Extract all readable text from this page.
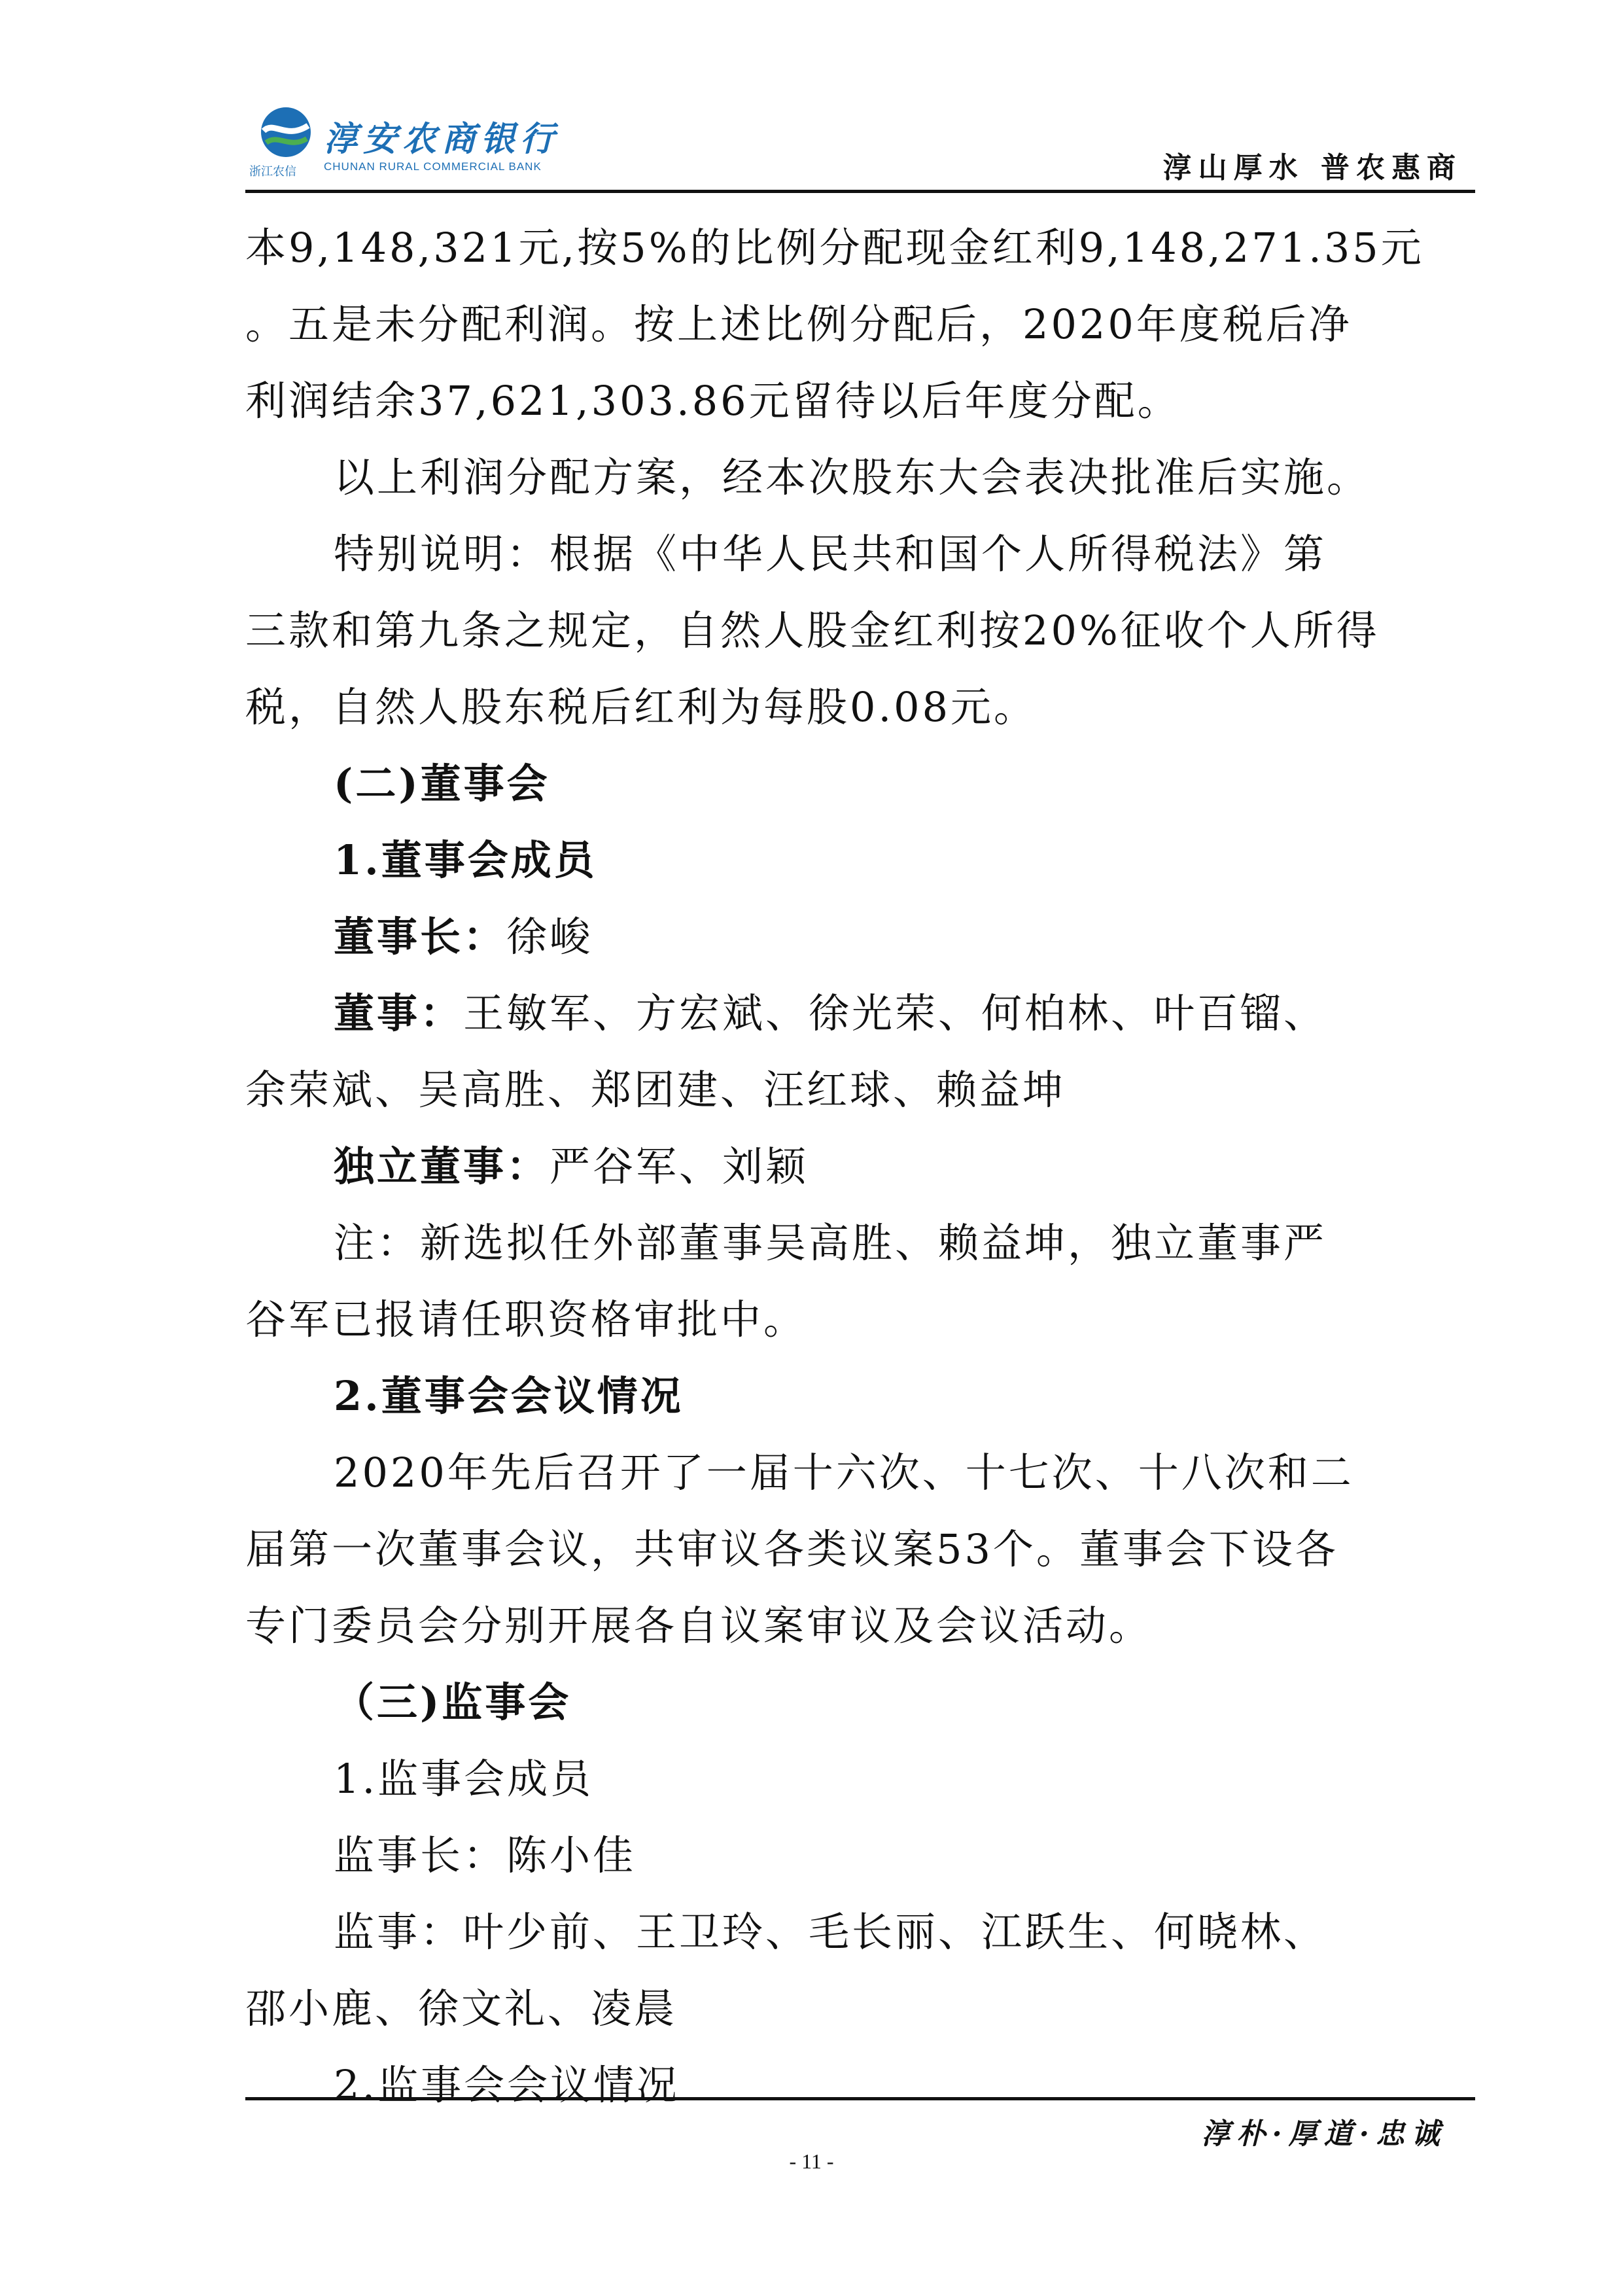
浙江农信
淳安农商银行
CHUNAN RURAL COMMERCIAL BANK	淳山厚水 普农惠商
本9,148,321元,按5%的比例分配现金红利9,148,271.35元
。五是未分配利润。按上述比例分配后，2020年度税后净
利润结余37,621,303.86元留待以后年度分配。
以上利润分配方案，经本次股东大会表决批准后实施。
特别说明：根据《中华人民共和国个人所得税法》第
三款和第九条之规定，自然人股金红利按20%征收个人所得
税，自然人股东税后红利为每股0.08元。
(二)董事会
1.董事会成员
董事长：徐峻
董事：王敏军、方宏斌、徐光荣、何柏林、叶百镏、
余荣斌、吴高胜、郑团建、汪红球、赖益坤
独立董事：严谷军、刘颖
注：新选拟任外部董事吴高胜、赖益坤，独立董事严
谷军已报请任职资格审批中。
2.董事会会议情况
2020年先后召开了一届十六次、十七次、十八次和二
届第一次董事会议，共审议各类议案53个。董事会下设各
专门委员会分别开展各自议案审议及会议活动。
（三)监事会
1.监事会成员
监事长：陈小佳
监事：叶少前、王卫玲、毛长丽、江跃生、何晓林、
邵小鹿、徐文礼、凌晨
2.监事会会议情况
淳朴·厚道·忠诚
- 11 -
